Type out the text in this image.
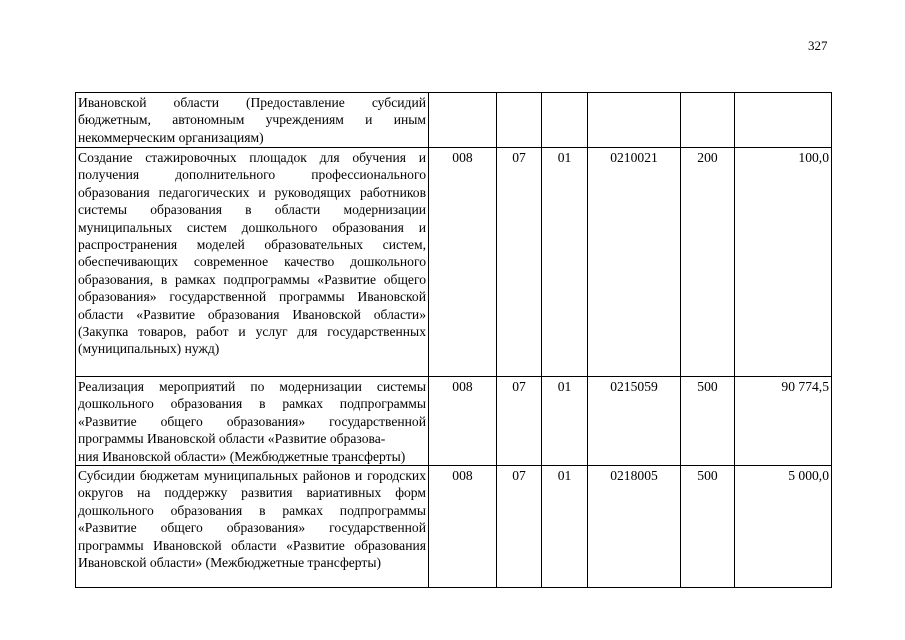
327
Ивановской области (Предоставление субсидий бюджетным, автономным учреждениям и иным некоммерческим организациям)						
Создание стажировочных площадок для обучения и получения дополнительного профессионального образования педагогических и руководящих работников системы образования в области модернизации муниципальных систем дошкольного образования и распространения моделей образовательных систем, обеспечивающих современное качество дошкольного образования, в рамках подпрограммы «Развитие общего образования» государственной программы Ивановской области «Развитие образования Ивановской области» (Закупка товаров, работ и услуг для государственных (муниципальных) нужд)	008	07	01	0210021	200	100,0
Реализация мероприятий по модернизации системы дошкольного образования в рамках подпрограммы «Развитие общего образования» государственной программы Ивановской области «Развитие образова-
ния Ивановской области» (Межбюджетные трансферты)	008	07	01	0215059	500	90 774,5
Субсидии бюджетам муниципальных районов и городских округов на поддержку развития вариативных форм дошкольного образования в рамках подпрограммы «Развитие общего образования» государственной программы Ивановской области «Развитие образования Ивановской области» (Межбюджетные трансферты)	008	07	01	0218005	500	5 000,0
